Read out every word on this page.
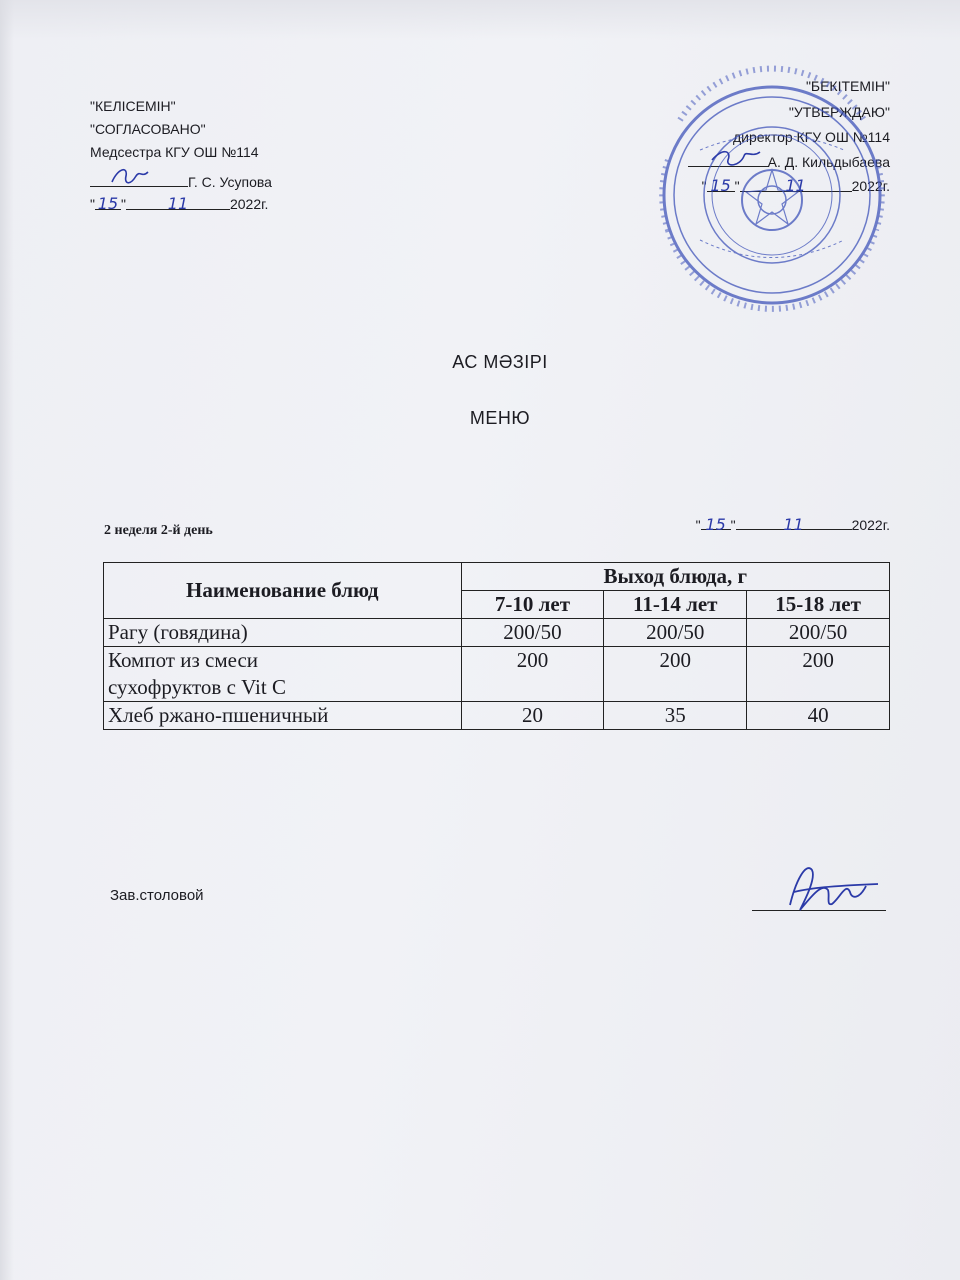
"КЕЛІСЕМІН"
"СОГЛАСОВАНО"
Медсестра КГУ ОШ №114
Г. С. Усупова
" 15 "	11	2022г.
"БЕКІТЕМІН"
"УТВЕРЖДАЮ"
директор КГУ ОШ №114
А. Д. Кильдыбаева
" 15 "	11	2022г.
АС МӘЗІРІ
МЕНЮ
2 неделя 2-й день	" 15 "	11	2022г.
Наименование блюд	Выход блюда, г		
	7-10 лет	11-14 лет	15-18 лет
Рагу (говядина)	200/50	200/50	200/50

Компот из смеси
сухофруктов с Vit C	200	200	200
Хлеб ржано-пшеничный	20	35	40
Зав.столовой
